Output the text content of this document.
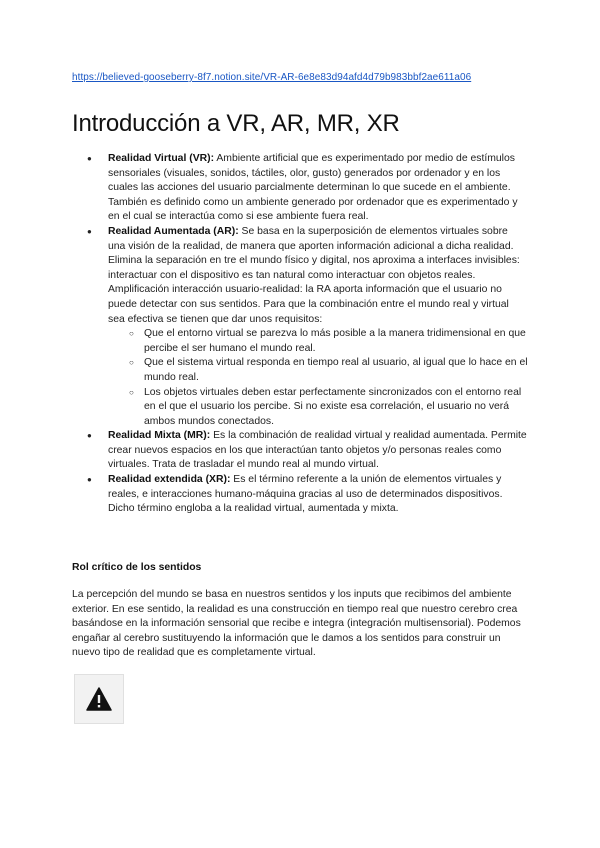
https://believed-gooseberry-8f7.notion.site/VR-AR-6e8e83d94afd4d79b983bbf2ae611a06
Introducción a VR, AR, MR, XR
● Realidad Virtual (VR): Ambiente artificial que es experimentado por medio de estímulos sensoriales (visuales, sonidos, táctiles, olor, gusto) generados por ordenador y en los cuales las acciones del usuario parcialmente determinan lo que sucede en el ambiente. También es definido como un ambiente generado por ordenador que es experimentado y en el cual se interactúa como si ese ambiente fuera real.
● Realidad Aumentada (AR): Se basa en la superposición de elementos virtuales sobre una visión de la realidad, de manera que aporten información adicional a dicha realidad. Elimina la separación en tre el mundo físico y digital, nos aproxima a interfaces invisibles: interactuar con el dispositivo es tan natural como interactuar con objetos reales. Amplificación interacción usuario-realidad: la RA aporta información que el usuario no puede detectar con sus sentidos. Para que la combinación entre el mundo real y virtual sea efectiva se tienen que dar unos requisitos:
○ Que el entorno virtual se parezva lo más posible a la manera tridimensional en que percibe el ser humano el mundo real.
○ Que el sistema virtual responda en tiempo real al usuario, al igual que lo hace en el mundo real.
○ Los objetos virtuales deben estar perfectamente sincronizados con el entorno real en el que el usuario los percibe. Si no existe esa correlación, el usuario no verá ambos mundos conectados.
● Realidad Mixta (MR): Es la combinación de realidad virtual y realidad aumentada. Permite crear nuevos espacios en los que interactúan tanto objetos y/o personas reales como virtuales. Trata de trasladar el mundo real al mundo virtual.
● Realidad extendida (XR): Es el término referente a la unión de elementos virtuales y reales, e interacciones humano-máquina gracias al uso de determinados dispositivos. Dicho término engloba a la realidad virtual, aumentada y mixta.
Rol crítico de los sentidos

La percepción del mundo se basa en nuestros sentidos y los inputs que recibimos del ambiente exterior. En ese sentido, la realidad es una construcción en tiempo real que nuestro cerebro crea basándose en la información sensorial que recibe e integra (integración multisensorial). Podemos engañar al cerebro sustituyendo la información que le damos a los sentidos para construir un nuevo tipo de realidad que es completamente virtual.
